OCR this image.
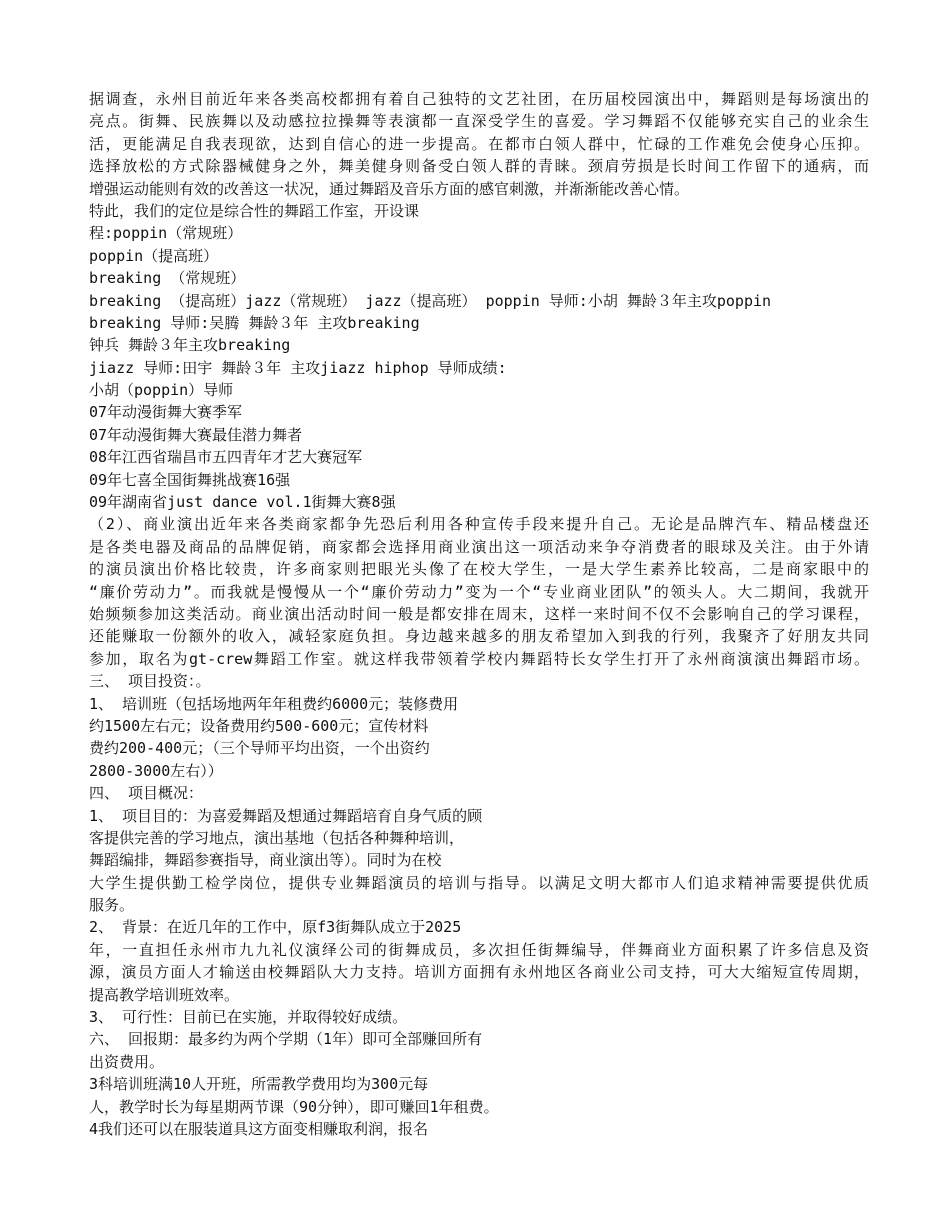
据调查，永州目前近年来各类高校都拥有着自己独特的文艺社团，在历届校园演出中，舞蹈则是每场演出的
亮点。街舞、民族舞以及动感拉拉操舞等表演都一直深受学生的喜爱。学习舞蹈不仅能够充实自己的业余生
活，更能满足自我表现欲，达到自信心的进一步提高。在都市白领人群中，忙碌的工作难免会使身心压抑。
选择放松的方式除器械健身之外，舞美健身则备受白领人群的青睐。颈肩劳损是长时间工作留下的通病，而
增强运动能则有效的改善这一状况，通过舞蹈及音乐方面的感官刺激，并渐渐能改善心情。
特此，我们的定位是综合性的舞蹈工作室，开设课
程:poppin（常规班）
poppin（提高班）
breaking （常规班）
breaking （提高班）jazz（常规班） jazz（提高班） poppin 导师:小胡 舞龄３年主攻poppin
breaking 导师:吴腾 舞龄３年 主攻breaking
钟兵 舞龄３年主攻breaking
jiazz 导师:田宇 舞龄３年 主攻jiazz hiphop 导师成绩:
小胡（poppin）导师
07年动漫街舞大赛季军
07年动漫街舞大赛最佳潜力舞者
08年江西省瑞昌市五四青年才艺大赛冠军
09年七喜全国街舞挑战赛16强
09年湖南省just dance vol.1街舞大赛8强
（2）、商业演出近年来各类商家都争先恐后利用各种宣传手段来提升自己。无论是品牌汽车、精品楼盘还
是各类电器及商品的品牌促销，商家都会选择用商业演出这一项活动来争夺消费者的眼球及关注。由于外请
的演员演出价格比较贵，许多商家则把眼光头像了在校大学生，一是大学生素养比较高，二是商家眼中的
“廉价劳动力”。而我就是慢慢从一个“廉价劳动力”变为一个“专业商业团队”的领头人。大二期间，我就开
始频频参加这类活动。商业演出活动时间一般是都安排在周末，这样一来时间不仅不会影响自己的学习课程，
还能赚取一份额外的收入，减轻家庭负担。身边越来越多的朋友希望加入到我的行列，我聚齐了好朋友共同
参加，取名为gt-crew舞蹈工作室。就这样我带领着学校内舞蹈特长女学生打开了永州商演演出舞蹈市场。
三、 项目投资：。
1、 培训班（包括场地两年年租费约6000元；装修费用
约1500左右元；设备费用约500-600元；宣传材料
费约200-400元；（三个导师平均出资，一个出资约
2800-3000左右））
四、 项目概况：
1、 项目目的：为喜爱舞蹈及想通过舞蹈培育自身气质的顾
客提供完善的学习地点，演出基地（包括各种舞种培训，
舞蹈编排，舞蹈参赛指导，商业演出等）。同时为在校
大学生提供勤工检学岗位，提供专业舞蹈演员的培训与指导。以满足文明大都市人们追求精神需要提供优质
服务。
2、 背景：在近几年的工作中，原f3街舞队成立于2025
年，一直担任永州市九九礼仪演绎公司的街舞成员，多次担任街舞编导，伴舞商业方面积累了许多信息及资
源，演员方面人才输送由校舞蹈队大力支持。培训方面拥有永州地区各商业公司支持，可大大缩短宣传周期，
提高教学培训班效率。
3、 可行性：目前已在实施，并取得较好成绩。
六、 回报期：最多约为两个学期（1年）即可全部赚回所有
出资费用。
3科培训班满10人开班，所需教学费用均为300元每
人，教学时长为每星期两节课（90分钟），即可赚回1年租费。
4我们还可以在服装道具这方面变相赚取利润，报名
